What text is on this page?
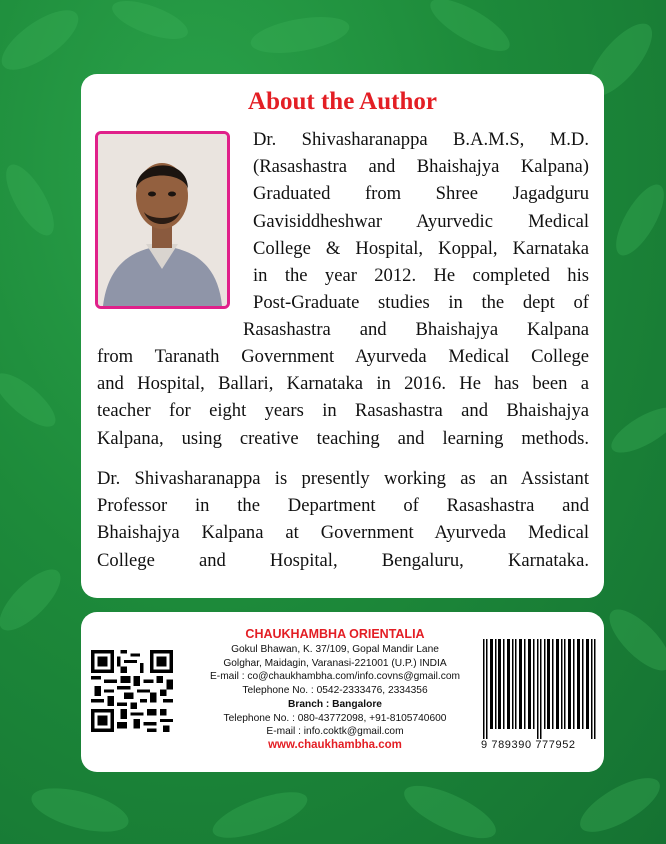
About the Author
Dr. Shivasharanappa B.A.M.S, M.D.
(Rasashastra and Bhaishajya Kalpana)
Graduated from Shree Jagadguru
Gavisiddheshwar Ayurvedic Medical
College & Hospital, Koppal, Karnataka
in the year 2012. He completed his
Post-Graduate studies in the dept of
Rasashastra and Bhaishajya Kalpana
from Taranath Government Ayurveda Medical College
and Hospital, Ballari, Karnataka in 2016. He has been a
teacher for eight years in Rasashastra and Bhaishajya
Kalpana, using creative teaching and learning methods.
Dr. Shivasharanappa is presently working as an Assistant
Professor in the Department of Rasashastra and
Bhaishajya Kalpana at Government Ayurveda Medical
College and Hospital, Bengaluru, Karnataka.
CHAUKHAMBHA ORIENTALIA
Gokul Bhawan, K. 37/109, Gopal Mandir Lane
Golghar, Maidagin, Varanasi-221001 (U.P.) INDIA
E-mail : co@chaukhambha.com/info.covns@gmail.com
Telephone No. : 0542-2333476, 2334356
Branch : Bangalore
Telephone No. : 080-43772098, +91-8105740600
E-mail : info.coktk@gmail.com
www.chaukhambha.com	9 789390 777952
